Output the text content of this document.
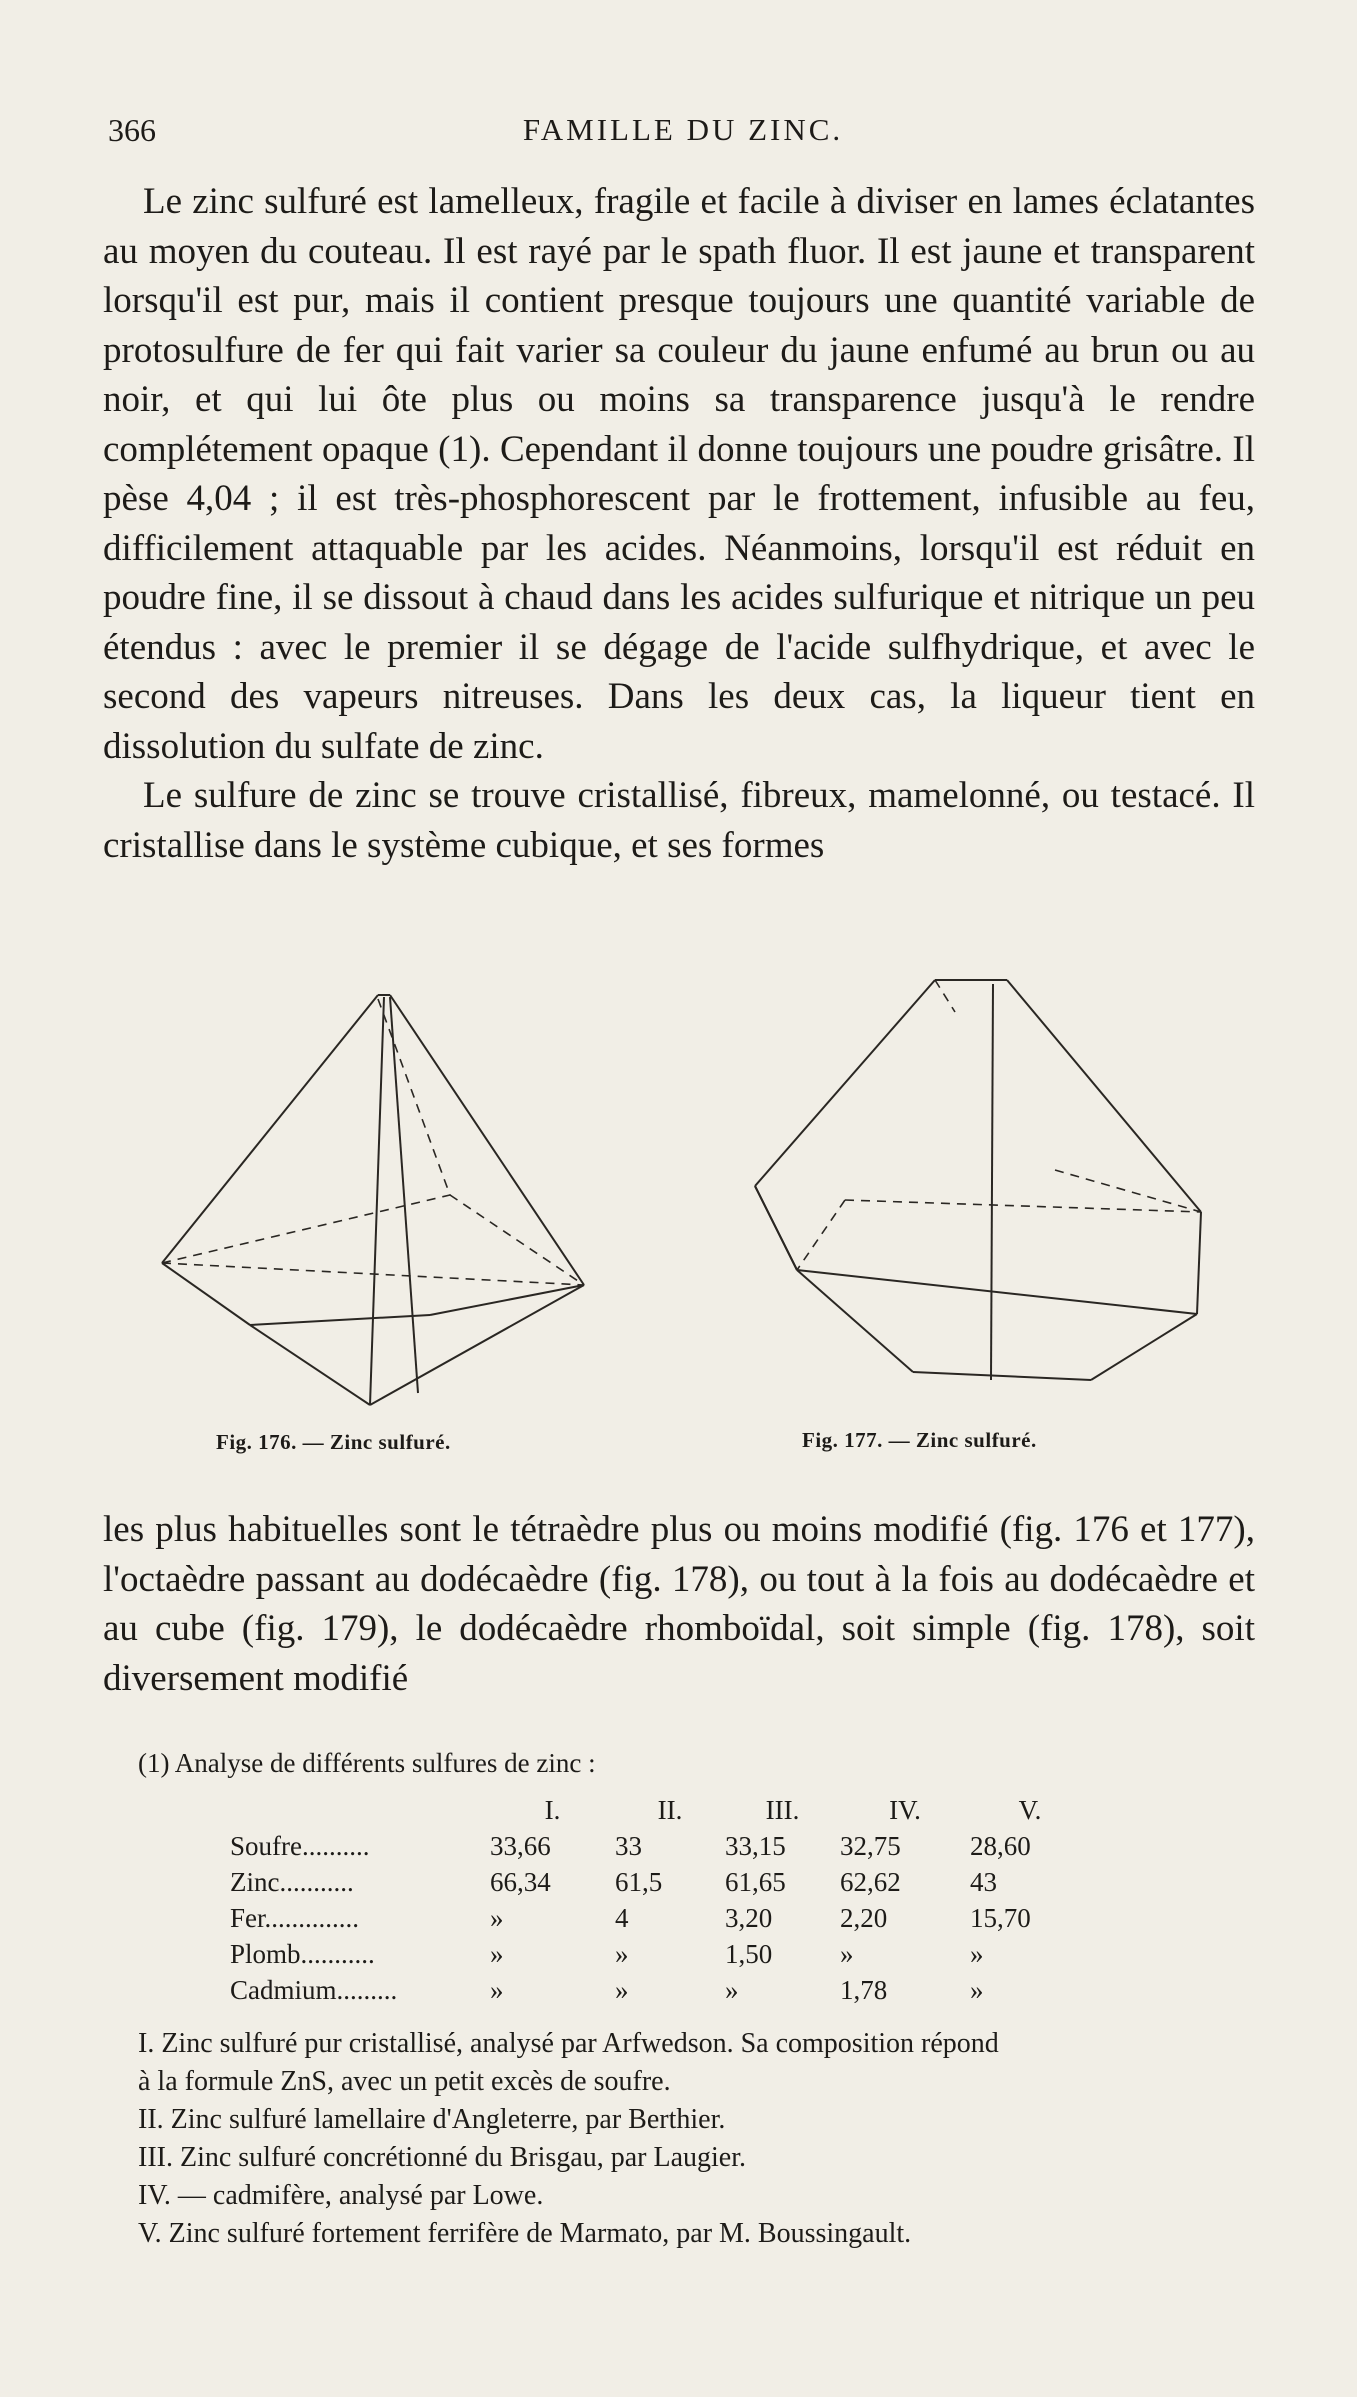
366	FAMILLE DU ZINC.

Le zinc sulfuré est lamelleux, fragile et facile à diviser en lames éclatantes au moyen du couteau. Il est rayé par le spath fluor. Il est jaune et transparent lorsqu'il est pur, mais il contient presque toujours une quantité variable de protosulfure de fer qui fait varier sa couleur du jaune enfumé au brun ou au noir, et qui lui ôte plus ou moins sa transparence jusqu'à le rendre complétement opaque (1). Cependant il donne toujours une poudre grisâtre. Il pèse 4,04 ; il est très-phosphorescent par le frottement, infusible au feu, difficilement attaquable par les acides. Néanmoins, lorsqu'il est réduit en poudre fine, il se dissout à chaud dans les acides sulfurique et nitrique un peu étendus : avec le premier il se dégage de l'acide sulfhydrique, et avec le second des vapeurs nitreuses. Dans les deux cas, la liqueur tient en dissolution du sulfate de zinc.

Le sulfure de zinc se trouve cristallisé, fibreux, mamelonné, ou testacé. Il cristallise dans le système cubique, et ses formes

Fig. 176. — Zinc sulfuré.	Fig. 177. — Zinc sulfuré.

les plus habituelles sont le tétraèdre plus ou moins modifié (fig. 176 et 177), l'octaèdre passant au dodécaèdre (fig. 178), ou tout à la fois au dodécaèdre et au cube (fig. 179), le dodécaèdre rhomboïdal, soit simple (fig. 178), soit diversement modifié

(1) Analyse de différents sulfures de zinc :
	I.	II.	III.	IV.	V.
Soufre..........	33,66	33	33,15	32,75	28,60
Zinc...........	66,34	61,5	61,65	62,62	43
Fer..............	»	4	3,20	2,20	15,70
Plomb...........	»	»	1,50	»	»
Cadmium.........	»	»	»	1,78	»
I. Zinc sulfuré pur cristallisé, analysé par Arfwedson. Sa composition répond
à la formule ZnS, avec un petit excès de soufre.
II. Zinc sulfuré lamellaire d'Angleterre, par Berthier.
III. Zinc sulfuré concrétionné du Brisgau, par Laugier.
IV. — cadmifère, analysé par Lowe.
V. Zinc sulfuré fortement ferrifère de Marmato, par M. Boussingault.
